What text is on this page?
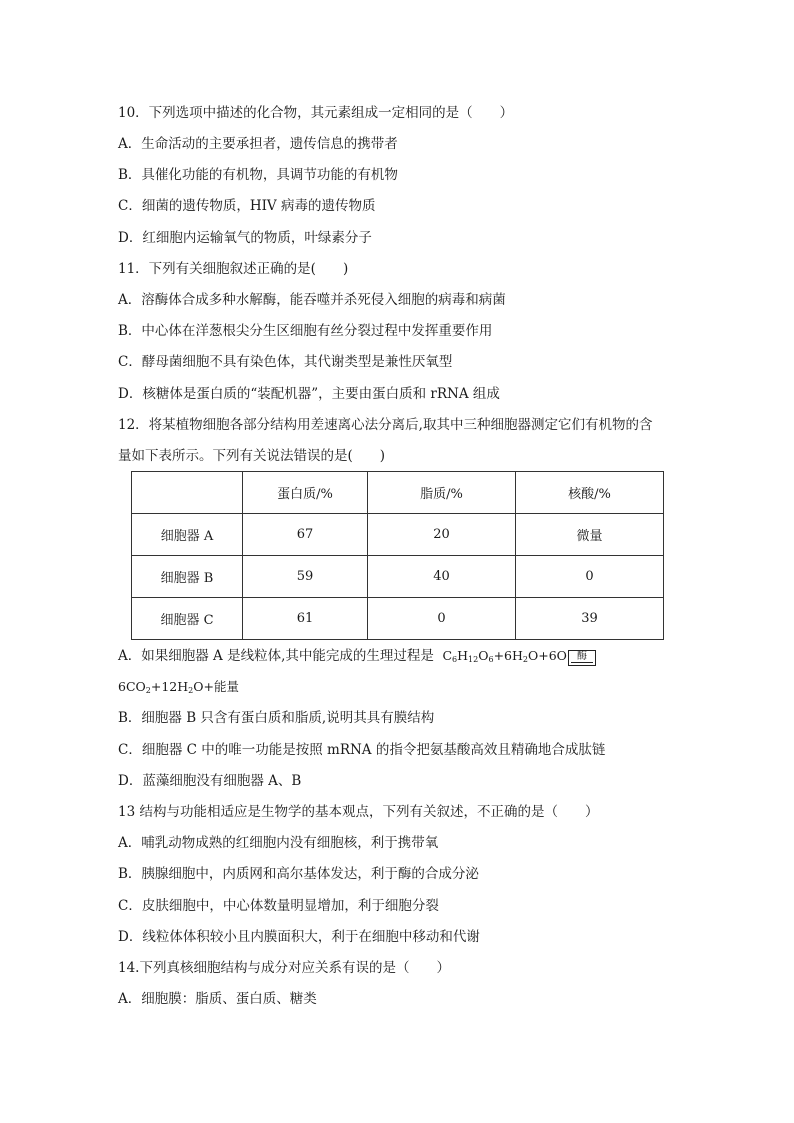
10．下列选项中描述的化合物，其元素组成一定相同的是（　　）
A．生命活动的主要承担者，遗传信息的携带者
B．具催化功能的有机物，具调节功能的有机物
C．细菌的遗传物质，HIV 病毒的遗传物质
D．红细胞内运输氧气的物质，叶绿素分子
11．下列有关细胞叙述正确的是(　　)
A．溶酶体合成多种水解酶，能吞噬并杀死侵入细胞的病毒和病菌
B．中心体在洋葱根尖分生区细胞有丝分裂过程中发挥重要作用
C．酵母菌细胞不具有染色体，其代谢类型是兼性厌氧型
D．核糖体是蛋白质的“装配机器”，主要由蛋白质和 rRNA 组成
12．将某植物细胞各部分结构用差速离心法分离后,取其中三种细胞器测定它们有机物的含
量如下表所示。下列有关说法错误的是(　　)
	蛋白质/%	脂质/%	核酸/%
细胞器 A	67	20	微量
细胞器 B	59	40	0
细胞器 C	61	0	39
A．如果细胞器 A 是线粒体,其中能完成的生理过程是 $C_6H_{12}O_6+6H_2O+6O$ 酶
$6CO_2+12H_2O+$能量
B．细胞器 B 只含有蛋白质和脂质,说明其具有膜结构
C．细胞器 C 中的唯一功能是按照 mRNA 的指令把氨基酸高效且精确地合成肽链
D．蓝藻细胞没有细胞器 A、B
13 结构与功能相适应是生物学的基本观点，下列有关叙述，不正确的是（　　）
A．哺乳动物成熟的红细胞内没有细胞核，利于携带氧
B．胰腺细胞中，内质网和高尔基体发达，利于酶的合成分泌
C．皮肤细胞中，中心体数量明显增加，利于细胞分裂
D．线粒体体积较小且内膜面积大，利于在细胞中移动和代谢
14.下列真核细胞结构与成分对应关系有误的是（　　）
A．细胞膜：脂质、蛋白质、糖类
